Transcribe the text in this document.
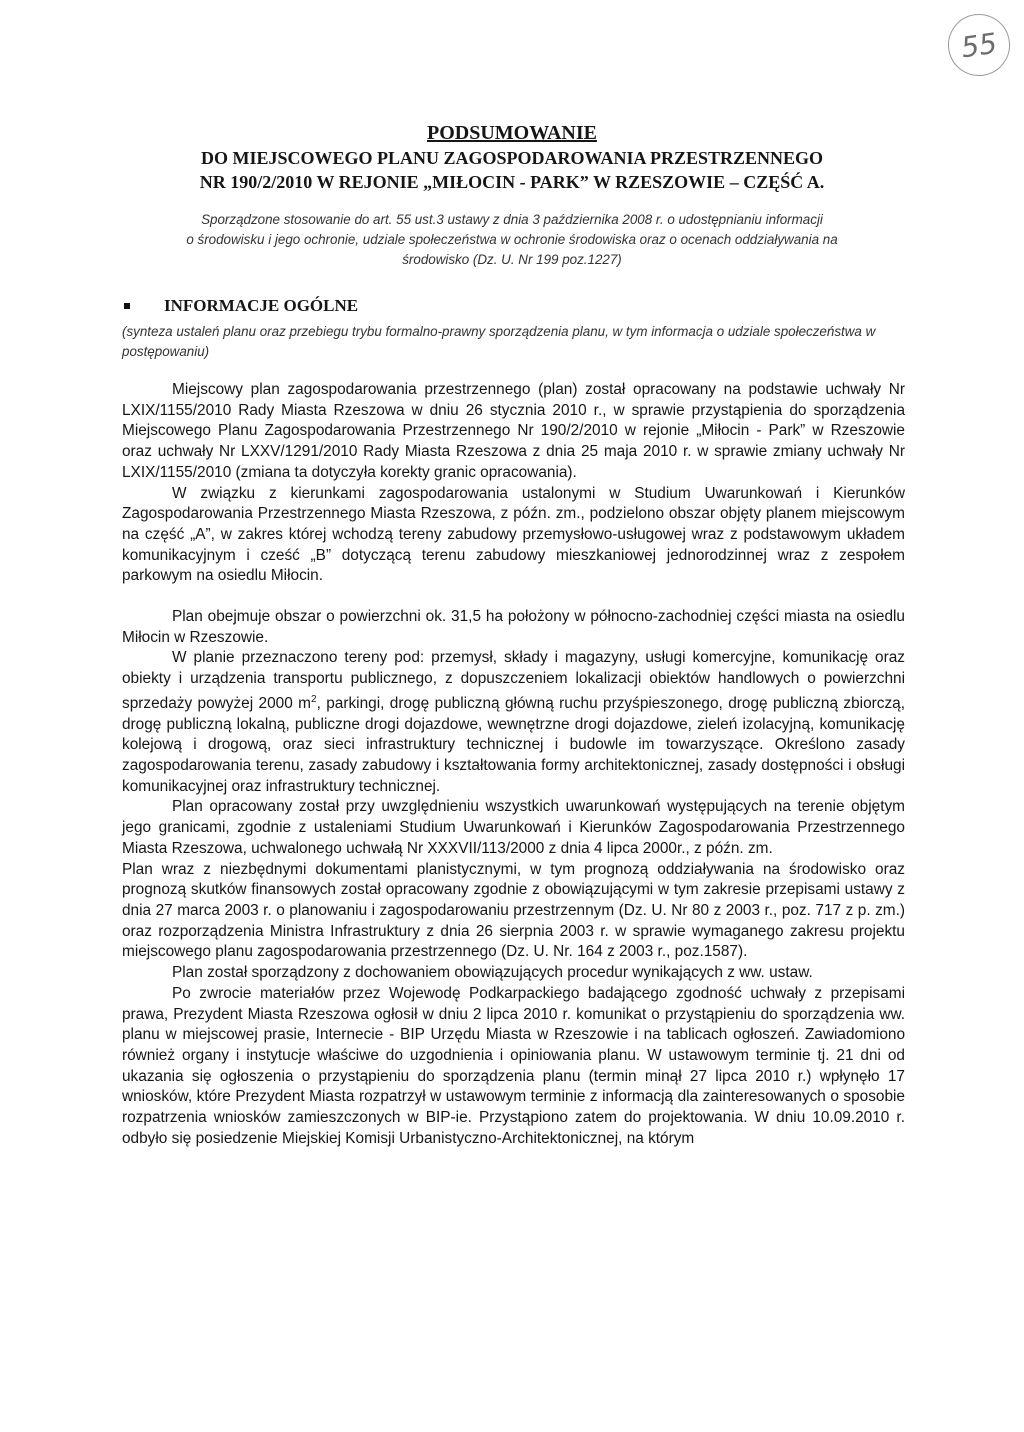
55

PODSUMOWANIE

DO MIEJSCOWEGO PLANU ZAGOSPODAROWANIA PRZESTRZENNEGO

NR 190/2/2010 W REJONIE „MIŁOCIN - PARK” W RZESZOWIE – CZĘŚĆ A.

Sporządzone stosowanie do art. 55 ust.3 ustawy z dnia 3 października 2008 r. o udostępnianiu informacji
o środowisku i jego ochronie, udziale społeczeństwa w ochronie środowiska oraz o ocenach oddziaływania na
środowisko (Dz. U. Nr 199 poz.1227)
INFORMACJE OGÓLNE
(synteza ustaleń planu oraz przebiegu trybu formalno-prawny sporządzenia planu, w tym informacja o udziale społeczeństwa w postępowaniu)

Miejscowy plan zagospodarowania przestrzennego (plan) został opracowany na podstawie uchwały Nr LXIX/1155/2010 Rady Miasta Rzeszowa w dniu 26 stycznia 2010 r., w sprawie przystąpienia do sporządzenia Miejscowego Planu Zagospodarowania Przestrzennego Nr 190/2/2010 w rejonie „Miłocin - Park” w Rzeszowie oraz uchwały Nr LXXV/1291/2010 Rady Miasta Rzeszowa z dnia 25 maja 2010 r. w sprawie zmiany uchwały Nr LXIX/1155/2010 (zmiana ta dotyczyła korekty granic opracowania).

W związku z kierunkami zagospodarowania ustalonymi w Studium Uwarunkowań i Kierunków Zagospodarowania Przestrzennego Miasta Rzeszowa, z późn. zm., podzielono obszar objęty planem miejscowym na część „A”, w zakres której wchodzą tereny zabudowy przemysłowo-usługowej wraz z podstawowym układem komunikacyjnym i cześć „B” dotyczącą terenu zabudowy mieszkaniowej jednorodzinnej wraz z zespołem parkowym na osiedlu Miłocin.

Plan obejmuje obszar o powierzchni ok. 31,5 ha położony w północno-zachodniej części miasta na osiedlu Miłocin w Rzeszowie.

W planie przeznaczono tereny pod: przemysł, składy i magazyny, usługi komercyjne, komunikację oraz obiekty i urządzenia transportu publicznego, z dopuszczeniem lokalizacji obiektów handlowych o powierzchni sprzedaży powyżej 2000 $m^2$, parkingi, drogę publiczną główną ruchu przyśpieszonego, drogę publiczną zbiorczą, drogę publiczną lokalną, publiczne drogi dojazdowe, wewnętrzne drogi dojazdowe, zieleń izolacyjną, komunikację kolejową i drogową, oraz sieci infrastruktury technicznej i budowle im towarzyszące. Określono zasady zagospodarowania terenu, zasady zabudowy i kształtowania formy architektonicznej, zasady dostępności i obsługi komunikacyjnej oraz infrastruktury technicznej.

Plan opracowany został przy uwzględnieniu wszystkich uwarunkowań występujących na terenie objętym jego granicami, zgodnie z ustaleniami Studium Uwarunkowań i Kierunków Zagospodarowania Przestrzennego Miasta Rzeszowa, uchwalonego uchwałą Nr XXXVII/113/2000 z dnia 4 lipca 2000r., z późn. zm.

Plan wraz z niezbędnymi dokumentami planistycznymi, w tym prognozą oddziaływania na środowisko oraz prognozą skutków finansowych został opracowany zgodnie z obowiązującymi w tym zakresie przepisami ustawy z dnia 27 marca 2003 r. o planowaniu i zagospodarowaniu przestrzennym (Dz. U. Nr 80 z 2003 r., poz. 717 z p. zm.) oraz rozporządzenia Ministra Infrastruktury z dnia 26 sierpnia 2003 r. w sprawie wymaganego zakresu projektu miejscowego planu zagospodarowania przestrzennego (Dz. U. Nr. 164 z 2003 r., poz.1587).

Plan został sporządzony z dochowaniem obowiązujących procedur wynikających z ww. ustaw.

Po zwrocie materiałów przez Wojewodę Podkarpackiego badającego zgodność uchwały z przepisami prawa, Prezydent Miasta Rzeszowa ogłosił w dniu 2 lipca 2010 r. komunikat o przystąpieniu do sporządzenia ww. planu w miejscowej prasie, Internecie - BIP Urzędu Miasta w Rzeszowie i na tablicach ogłoszeń. Zawiadomiono również organy i instytucje właściwe do uzgodnienia i opiniowania planu. W ustawowym terminie tj. 21 dni od ukazania się ogłoszenia o przystąpieniu do sporządzenia planu (termin minął 27 lipca 2010 r.) wpłynęło 17 wniosków, które Prezydent Miasta rozpatrzył w ustawowym terminie z informacją dla zainteresowanych o sposobie rozpatrzenia wniosków zamieszczonych w BIP-ie. Przystąpiono zatem do projektowania. W dniu 10.09.2010 r. odbyło się posiedzenie Miejskiej Komisji Urbanistyczno-Architektonicznej, na którym
